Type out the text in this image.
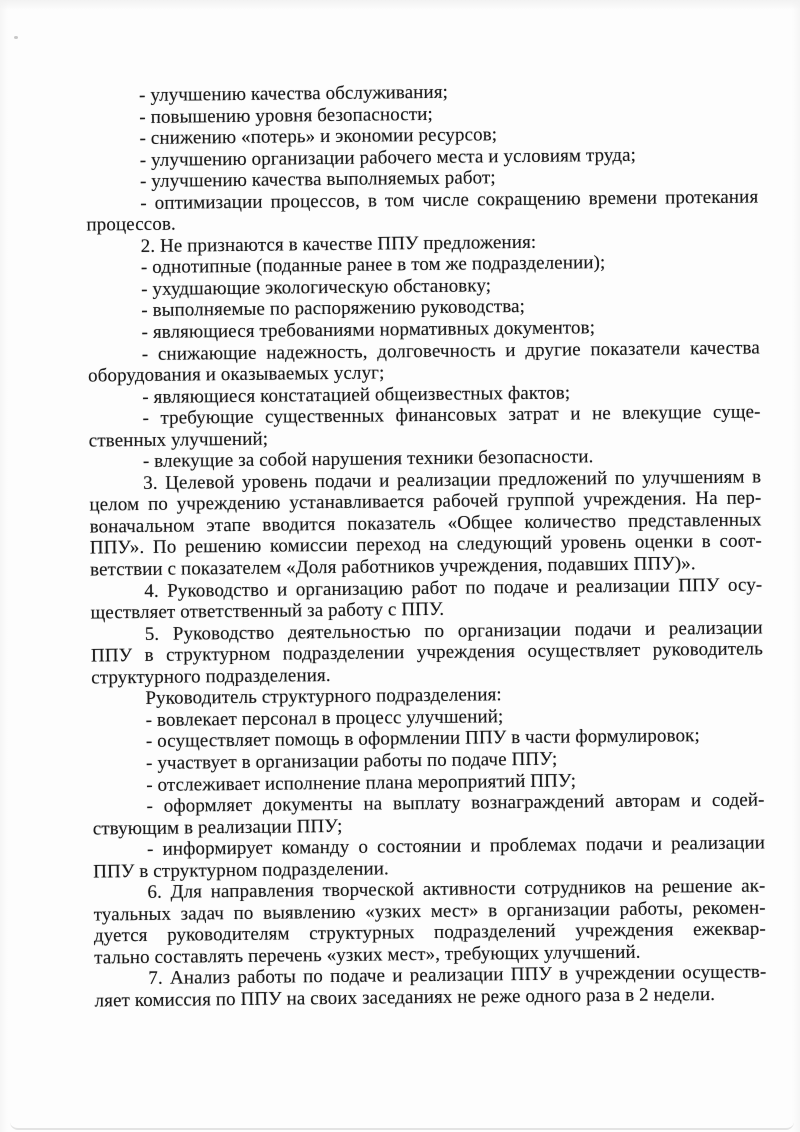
- улучшению качества обслуживания;
- повышению уровня безопасности;
- снижению «потерь» и экономии ресурсов;
- улучшению организации рабочего места и условиям труда;
- улучшению качества выполняемых работ;
- оптимизации процессов, в том числе сокращению времени протекания
процессов.
2. Не признаются в качестве ППУ предложения:
- однотипные (поданные ранее в том же подразделении);
- ухудшающие экологическую обстановку;
- выполняемые по распоряжению руководства;
- являющиеся требованиями нормативных документов;
- снижающие надежность, долговечность и другие показатели качества
оборудования и оказываемых услуг;
- являющиеся констатацией общеизвестных фактов;
- требующие существенных финансовых затрат и не влекущие суще-
ственных улучшений;
- влекущие за собой нарушения техники безопасности.
3. Целевой уровень подачи и реализации предложений по улучшениям в
целом по учреждению устанавливается рабочей группой учреждения. На пер-
воначальном этапе вводится показатель «Общее количество представленных
ППУ». По решению комиссии переход на следующий уровень оценки в соот-
ветствии с показателем «Доля работников учреждения, подавших ППУ)».
4. Руководство и организацию работ по подаче и реализации ППУ осу-
ществляет ответственный за работу с ППУ.
5. Руководство деятельностью по организации подачи и реализации
ППУ в структурном подразделении учреждения осуществляет руководитель
структурного подразделения.
Руководитель структурного подразделения:
- вовлекает персонал в процесс улучшений;
- осуществляет помощь в оформлении ППУ в части формулировок;
- участвует в организации работы по подаче ППУ;
- отслеживает исполнение плана мероприятий ППУ;
- оформляет документы на выплату вознаграждений авторам и содей-
ствующим в реализации ППУ;
- информирует команду о состоянии и проблемах подачи и реализации
ППУ в структурном подразделении.
6. Для направления творческой активности сотрудников на решение ак-
туальных задач по выявлению «узких мест» в организации работы, рекомен-
дуется руководителям структурных подразделений учреждения ежеквар-
тально составлять перечень «узких мест», требующих улучшений.
7. Анализ работы по подаче и реализации ППУ в учреждении осуществ-
ляет комиссия по ППУ на своих заседаниях не реже одного раза в 2 недели.
